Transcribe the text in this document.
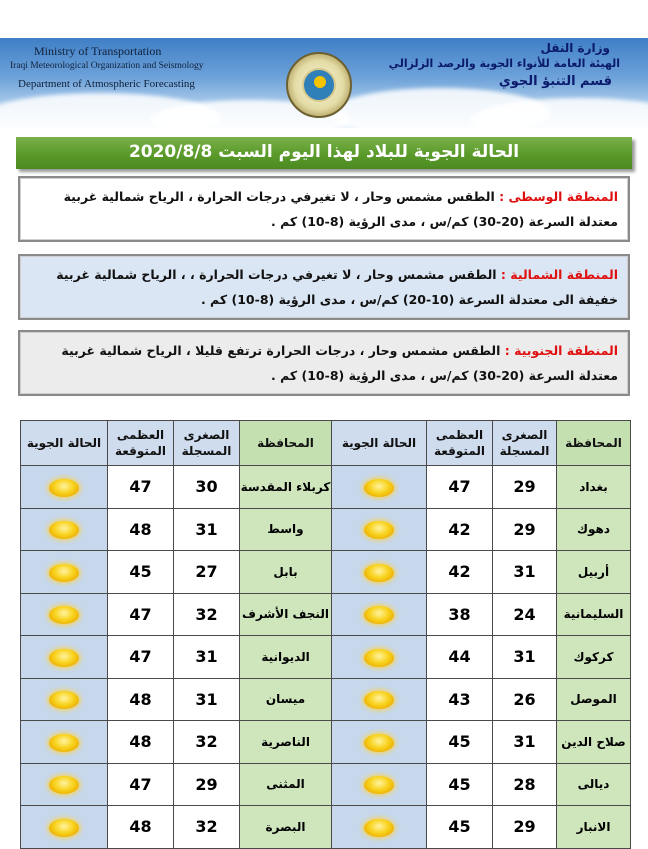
Ministry of Transportation
Iraqi Meteorological Organization and Seismology
Department of Atmospheric Forecasting
وزارة النقل
الهيئة العامة للأنواء الجوية والرصد الزلزالي
قسم التنبؤ الجوي
الحالة الجوية للبلاد لهذا اليوم السبت 2020/8/8
المنطقة الوسطى : الطقس مشمس وحار ، لا تغيرفي درجات الحرارة ، الرياح شمالية غربية معتدلة السرعة (20-30) كم/س ، مدى الرؤية (8-10) كم .
المنطقة الشمالية : الطقس مشمس وحار ، لا تغيرفي درجات الحرارة ، ، الرياح شمالية غربية خفيفة الى معتدلة السرعة (10-20) كم/س ، مدى الرؤية (8-10) كم .
المنطقة الجنوبية : الطقس مشمس وحار ، درجات الحرارة ترتفع قليلا ، الرياح شمالية غربية معتدلة السرعة (20-30) كم/س ، مدى الرؤية (8-10) كم .
المحافظة	الصغرى المسجلة	العظمى المتوقعة	الحالة الجوية	المحافظة	الصغرى المسجلة	العظمى المتوقعة	الحالة الجوية
بغداد	29	47		كربلاء المقدسة	30	47	
دهوك	29	42		واسط	31	48	
أربيل	31	42		بابل	27	45	
السليمانية	24	38		النجف الأشرف	32	47	
كركوك	31	44		الديوانية	31	47	
الموصل	26	43		ميسان	31	48	
صلاح الدين	31	45		الناصرية	32	48	
ديالى	28	45		المثنى	29	47	
الانبار	29	45		البصرة	32	48	
